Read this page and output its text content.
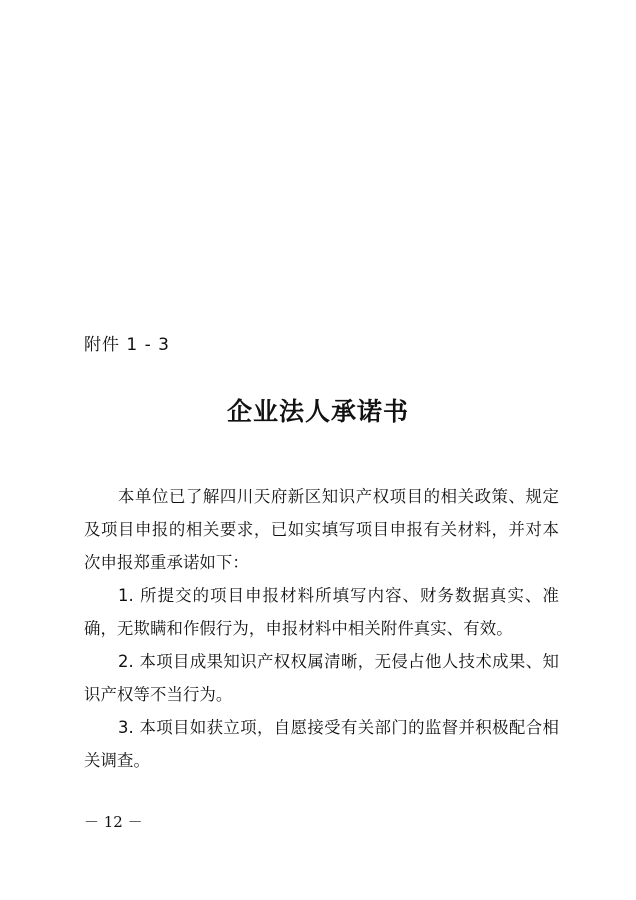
附件 1 - 3
企业法人承诺书

本单位已了解四川天府新区知识产权项目的相关政策、规定及项目申报的相关要求，已如实填写项目申报有关材料，并对本次申报郑重承诺如下：

1. 所提交的项目申报材料所填写内容、财务数据真实、准确，无欺瞒和作假行为，申报材料中相关附件真实、有效。

2. 本项目成果知识产权权属清晰，无侵占他人技术成果、知识产权等不当行为。

3. 本项目如获立项，自愿接受有关部门的监督并积极配合相关调查。

－ 12 －
